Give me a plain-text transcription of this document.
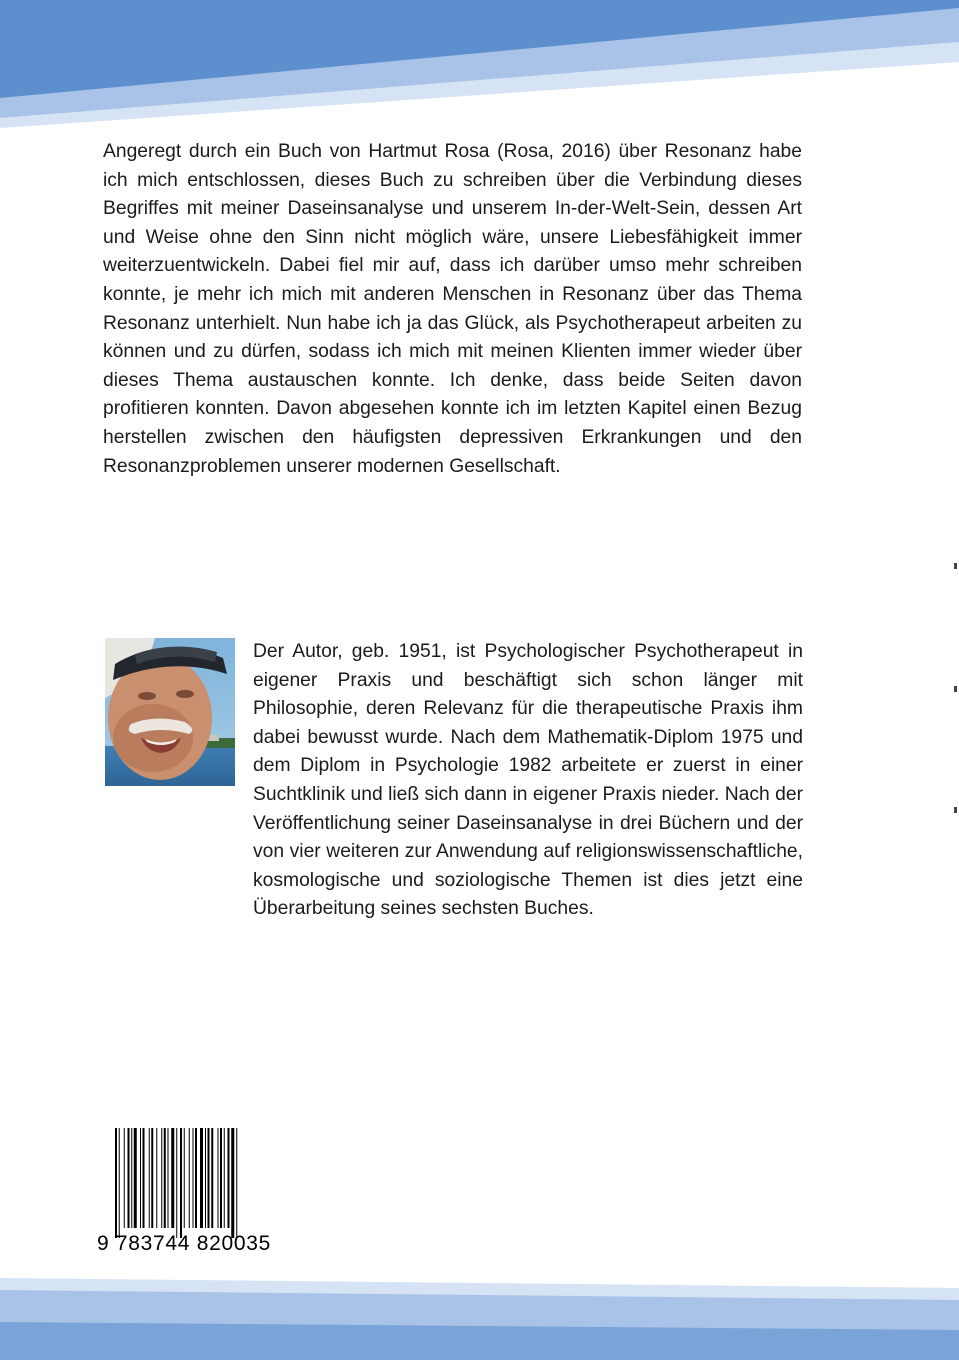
Angeregt durch ein Buch von Hartmut Rosa (Rosa, 2016) über Resonanz habe ich mich entschlossen, dieses Buch zu schreiben über die Verbindung dieses Begriffes mit meiner Daseinsanalyse und unserem In-der-Welt-Sein, dessen Art und Weise ohne den Sinn nicht möglich wäre, unsere Liebesfähigkeit immer weiterzuentwickeln. Dabei fiel mir auf, dass ich darüber umso mehr schreiben konnte, je mehr ich mich mit anderen Menschen in Resonanz über das Thema Resonanz unterhielt. Nun habe ich ja das Glück, als Psychotherapeut arbeiten zu können und zu dürfen, sodass ich mich mit meinen Klienten immer wieder über dieses Thema austauschen konnte. Ich denke, dass beide Seiten davon profitieren konnten. Davon abgesehen konnte ich im letzten Kapitel einen Bezug herstellen zwischen den häufigsten depressiven Erkrankungen und den Resonanzproblemen unserer modernen Gesellschaft.

Der Autor, geb. 1951, ist Psychologischer Psychotherapeut in eigener Praxis und beschäftigt sich schon länger mit Philosophie, deren Relevanz für die therapeutische Praxis ihm dabei bewusst wurde. Nach dem Mathematik-Diplom 1975 und dem Diplom in Psychologie 1982 arbeitete er zuerst in einer Suchtklinik und ließ sich dann in eigener Praxis nieder. Nach der Veröffentlichung seiner Daseinsanalyse in drei Büchern und der von vier weiteren zur Anwendung auf religionswissenschaftliche, kosmologische und soziologische Themen ist dies jetzt eine Überarbeitung seines sechsten Buches.

9 783744 820035
